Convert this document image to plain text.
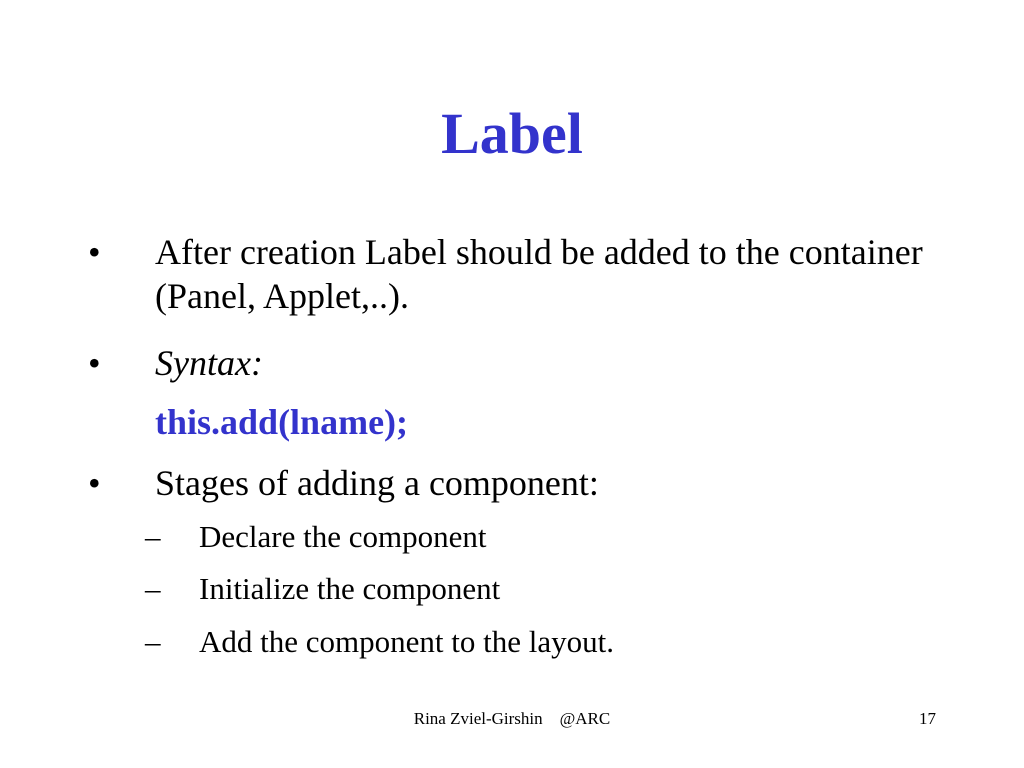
Label
• After creation Label should be added to the container (Panel, Applet,..).
• Syntax:
this.add(lname);
• Stages of adding a component:
– Declare the component
– Initialize the component
– Add the component to the layout.
Rina Zviel-Girshin    @ARC	17
